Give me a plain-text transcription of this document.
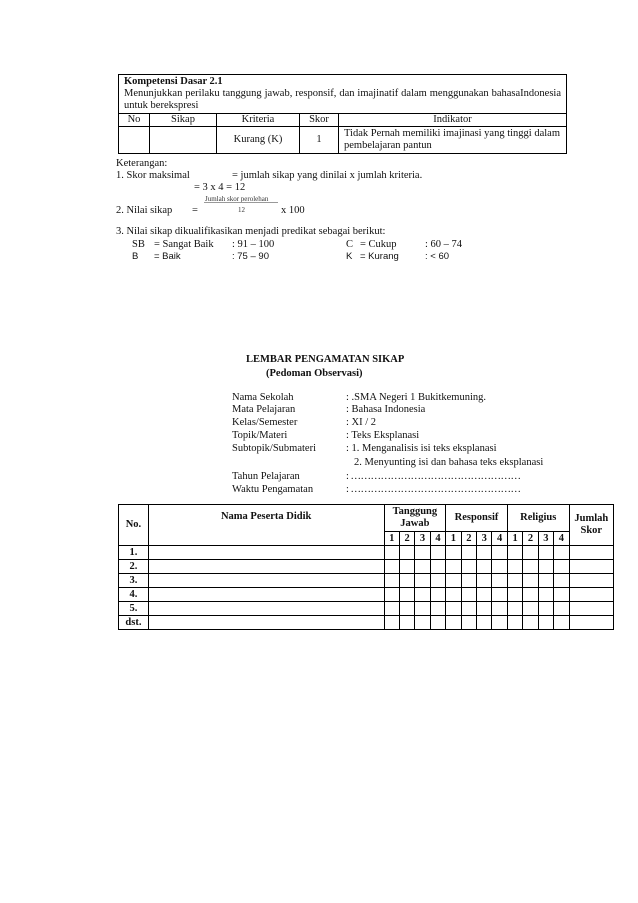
Kompetensi Dasar 2.1
Menunjukkan perilaku tanggung jawab, responsif, dan imajinatif dalam menggunakan bahasaIndonesia untuk berekspresi				

No	Sikap	Kriteria	Skor	Indikator
		Kurang (K)	1	Tidak Pernah memiliki imajinasi yang tinggi dalam pembelajaran pantun
Keterangan:
1. Skor maksimal	= jumlah sikap yang dinilai x jumlah kriteria.
= 3 x 4 = 12
Jumlah skor perolehan
2. Nilai sikap =	12	x 100
3. Nilai sikap dikualifikasikan menjadi predikat sebagai berikut:
SB = Sangat Baik : 91 – 100	C = Cukup	: 60 – 74
B = Baik	: 75 – 90	K = Kurang	: < 60
LEMBAR PENGAMATAN SIKAP
(Pedoman Observasi)
Nama Sekolah	: .SMA Negeri 1 Bukitkemuning.
Mata Pelajaran	: Bahasa Indonesia
Kelas/Semester	: XI / 2
Topik/Materi	: Teks Eksplanasi
Subtopik/Submateri	: 1. Menganalisis isi teks eksplanasi
2. Menyunting isi dan bahasa teks eksplanasi
Tahun Pelajaran	: ……………………………………………
Waktu Pengamatan	: ……………………………………………
No.	Nama Peserta Didik	Tanggung Jawab				Responsif				Religius				Jumlah Skor
		1	2	3	4	1	2	3	4	1	2	3	4	
1.														
2.														
3.														
4.														
5.														
dst.														
